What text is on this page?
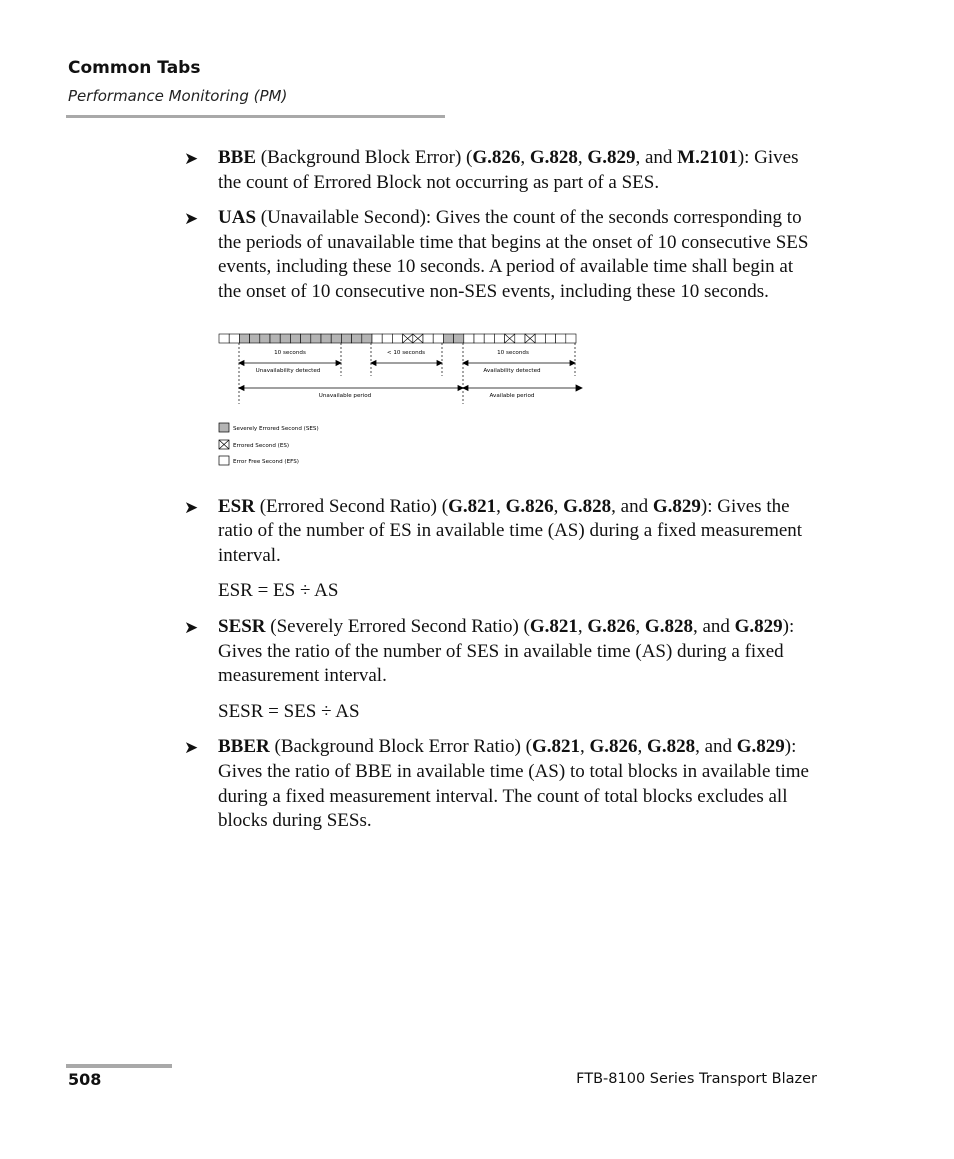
Common Tabs
Performance Monitoring (PM)
➤ BBE (Background Block Error) (G.826, G.828, G.829, and M.2101): Gives the count of Errored Block not occurring as part of a SES.
➤ UAS (Unavailable Second): Gives the count of the seconds corresponding to the periods of unavailable time that begins at the onset of 10 consecutive SES events, including these 10 seconds. A period of available time shall begin at the onset of 10 consecutive non-SES events, including these 10 seconds.
10 seconds	< 10 seconds	10 seconds
Unavailability detected	Availability detected
Unavailable period	Available period
Severely Errored Second (SES)
Errored Second (ES)
Error Free Second (EFS)
➤ ESR (Errored Second Ratio) (G.821, G.826, G.828, and G.829): Gives the ratio of the number of ES in available time (AS) during a fixed measurement interval.
ESR = ES ÷ AS
➤ SESR (Severely Errored Second Ratio) (G.821, G.826, G.828, and G.829): Gives the ratio of the number of SES in available time (AS) during a fixed measurement interval.
SESR = SES ÷ AS
➤ BBER (Background Block Error Ratio) (G.821, G.826, G.828, and G.829): Gives the ratio of BBE in available time (AS) to total blocks in available time during a fixed measurement interval. The count of total blocks excludes all blocks during SESs.
508	FTB-8100 Series Transport Blazer
